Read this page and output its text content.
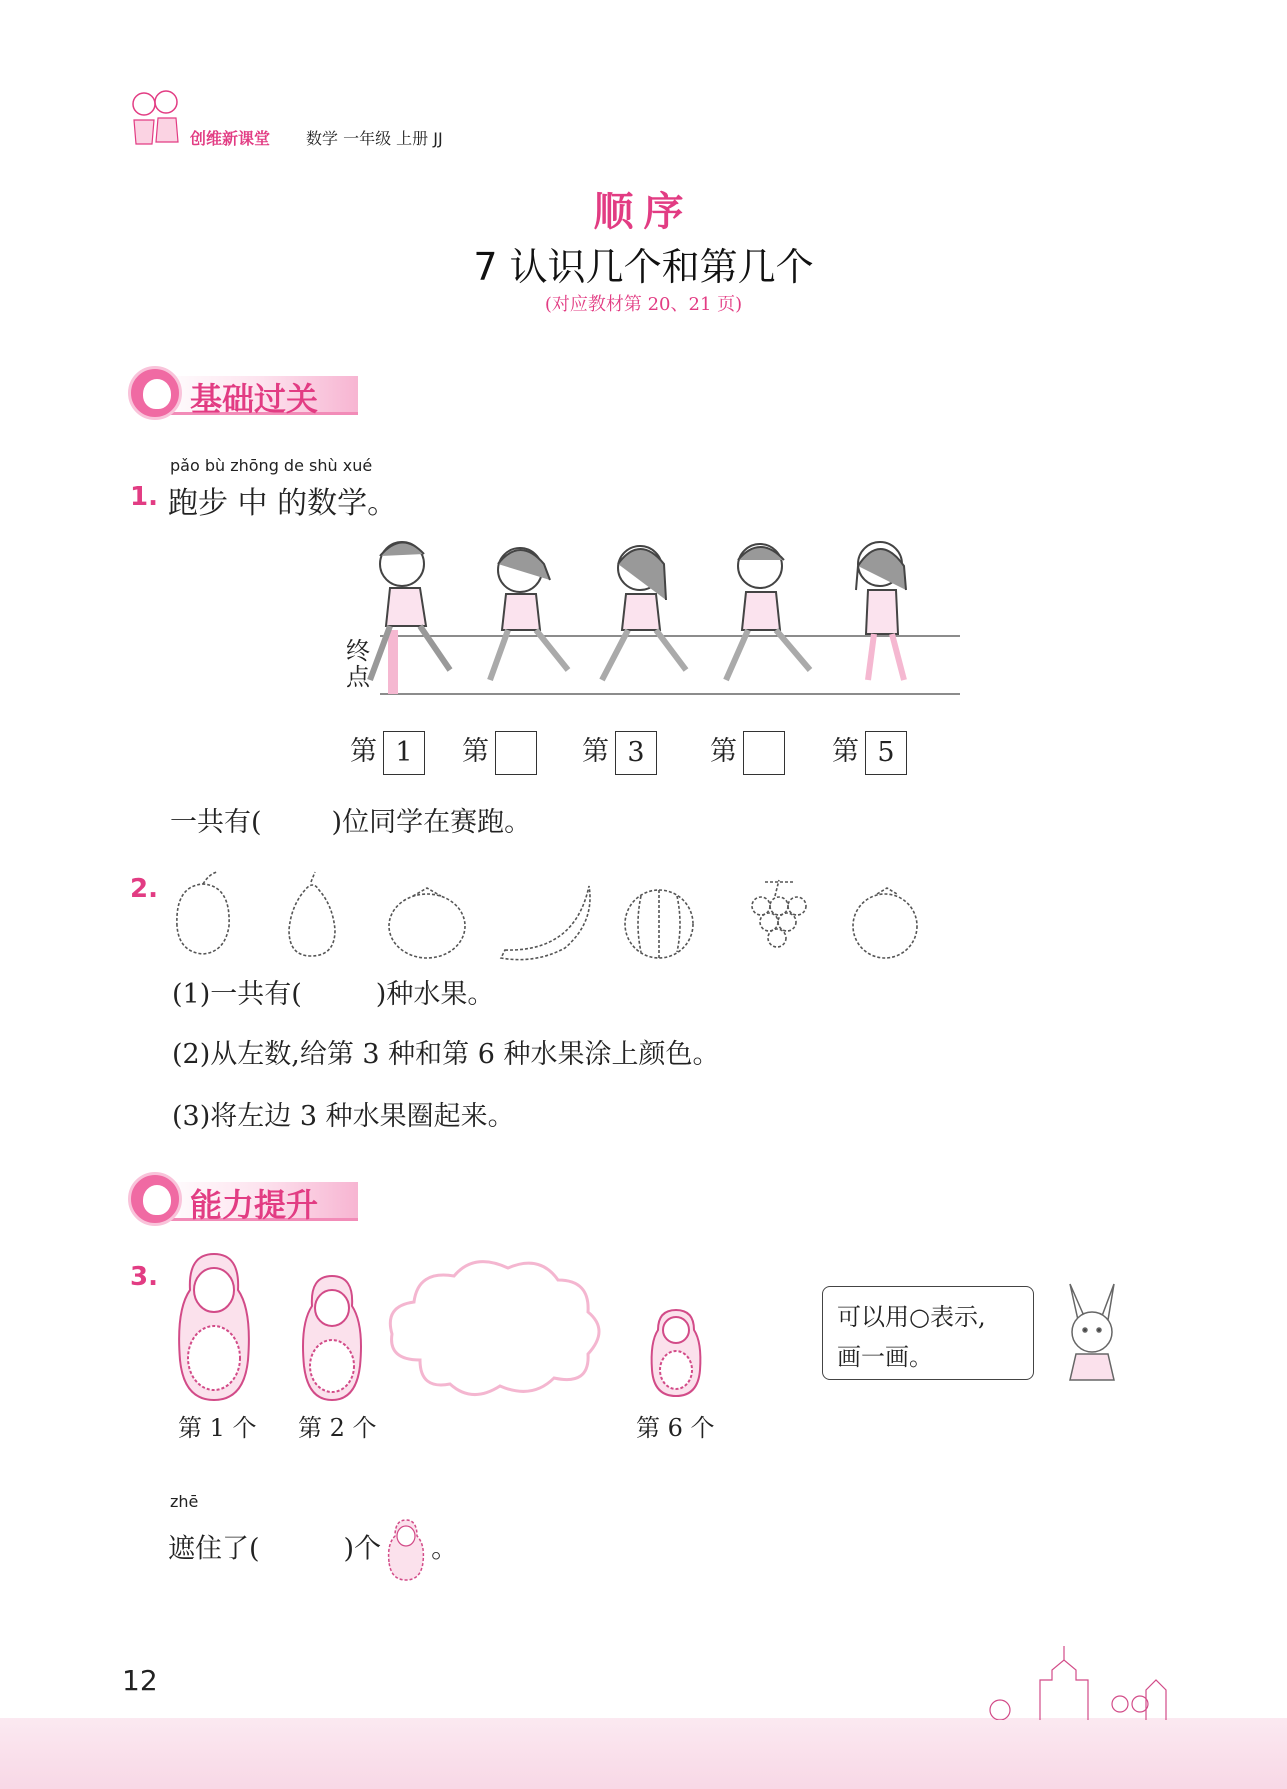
创维新课堂 数学 一年级 上册 JJ
顺序
7 认识几个和第几个
(对应教材第 20、21 页)
基础过关
1.
pǎo bù zhōng de shù xué
跑步 中 的数学。
终点
第 1	第	第 3	第	第 5
一共有(	)位同学在赛跑。
2.
(1)一共有(	)种水果。
(2)从左数,给第 3 种和第 6 种水果涂上颜色。
(3)将左边 3 种水果圈起来。
能力提升
3.
第 1 个 第 2 个	第 6 个
可以用○表示,
画一画。
zhē
遮住了(	)个 。
12
